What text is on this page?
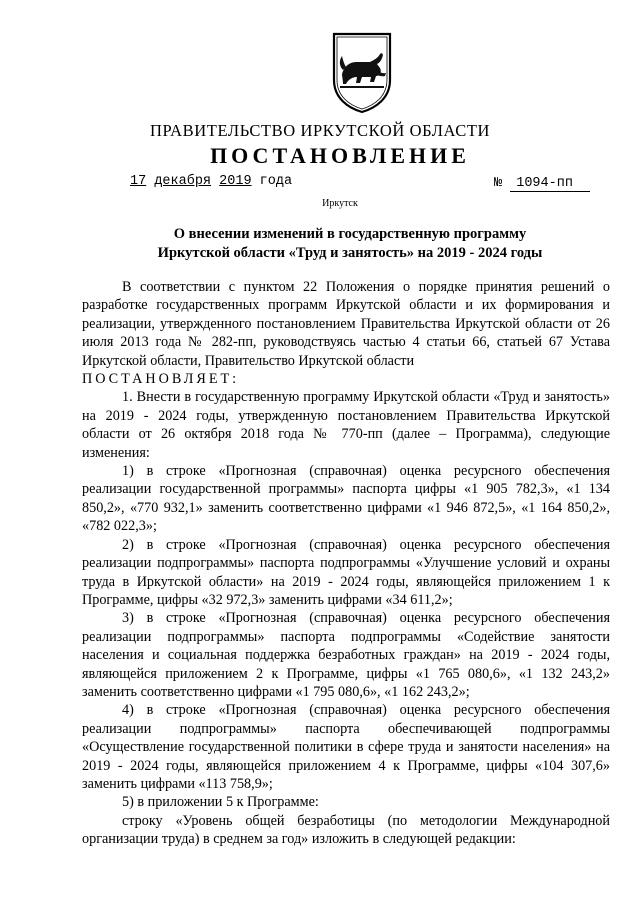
ПРАВИТЕЛЬСТВО ИРКУТСКОЙ ОБЛАСТИ
ПОСТАНОВЛЕНИЕ
17 декабря 2019 года	№ 1094-пп
Иркутск
О внесении изменений в государственную программу
Иркутской области «Труд и занятость» на 2019 - 2024 годы

В соответствии с пунктом 22 Положения о порядке принятия решений о разработке государственных программ Иркутской области и их формирования и реализации, утвержденного постановлением Правительства Иркутской области от 26 июля 2013 года № 282-пп, руководствуясь частью 4 статьи 66, статьей 67 Устава Иркутской области, Правительство Иркутской области

ПОСТАНОВЛЯЕТ:

1. Внести в государственную программу Иркутской области «Труд и занятость» на 2019 - 2024 годы, утвержденную постановлением Правительства Иркутской области от 26 октября 2018 года № 770-пп (далее – Программа), следующие изменения:

1) в строке «Прогнозная (справочная) оценка ресурсного обеспечения реализации государственной программы» паспорта цифры «1 905 782,3», «1 134 850,2», «770 932,1» заменить соответственно цифрами «1 946 872,5», «1 164 850,2», «782 022,3»;

2) в строке «Прогнозная (справочная) оценка ресурсного обеспечения реализации подпрограммы» паспорта подпрограммы «Улучшение условий и охраны труда в Иркутской области» на 2019 - 2024 годы, являющейся приложением 1 к Программе, цифры «32 972,3» заменить цифрами «34 611,2»;

3) в строке «Прогнозная (справочная) оценка ресурсного обеспечения реализации подпрограммы» паспорта подпрограммы «Содействие занятости населения и социальная поддержка безработных граждан» на 2019 - 2024 годы, являющейся приложением 2 к Программе, цифры «1 765 080,6», «1 132 243,2» заменить соответственно цифрами «1 795 080,6», «1 162 243,2»;

4) в строке «Прогнозная (справочная) оценка ресурсного обеспечения реализации подпрограммы» паспорта обеспечивающей подпрограммы «Осуществление государственной политики в сфере труда и занятости населения» на 2019 - 2024 годы, являющейся приложением 4 к Программе, цифры «104 307,6» заменить цифрами «113 758,9»;

5) в приложении 5 к Программе:

строку «Уровень общей безработицы (по методологии Международной организации труда) в среднем за год» изложить в следующей редакции:
